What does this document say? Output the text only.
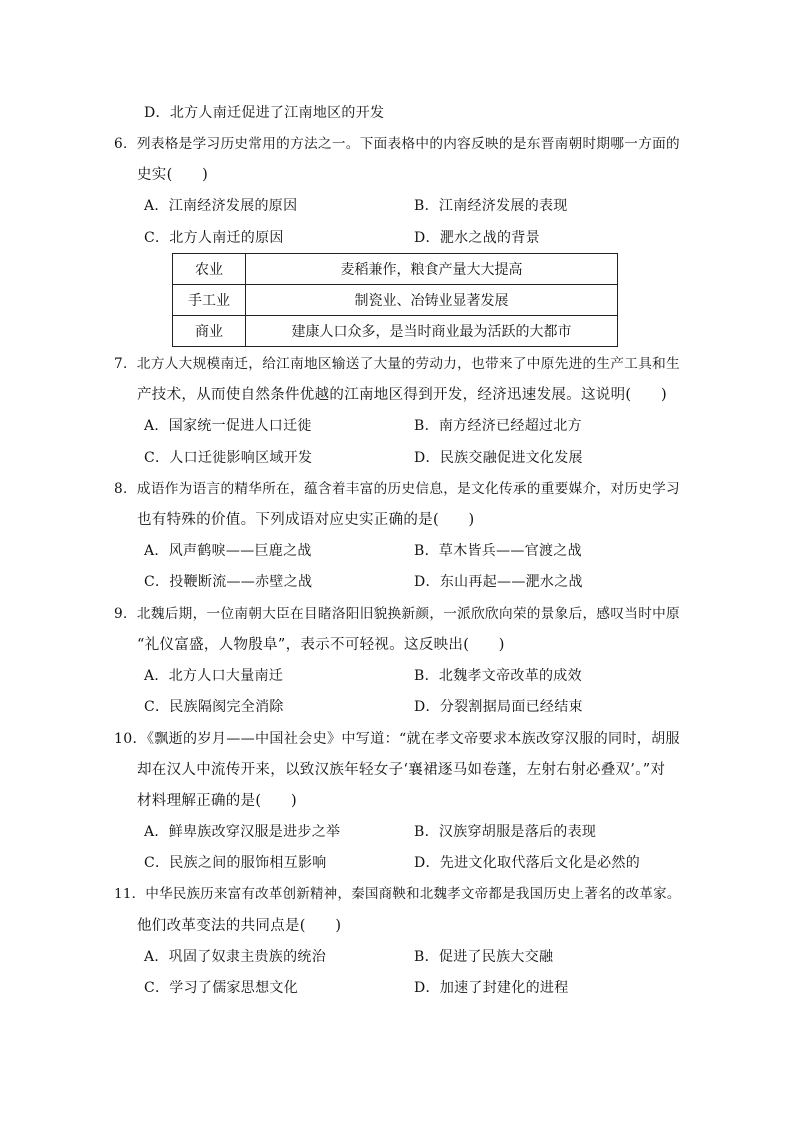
D．北方人南迁促进了江南地区的开发
6．列表格是学习历史常用的方法之一。下面表格中的内容反映的是东晋南朝时期哪一方面的
史实(　　)
A．江南经济发展的原因	B．江南经济发展的表现
C．北方人南迁的原因	D．淝水之战的背景
农业	麦稻兼作，粮食产量大大提高
手工业	制瓷业、冶铸业显著发展
商业	建康人口众多，是当时商业最为活跃的大都市
7．北方人大规模南迁，给江南地区输送了大量的劳动力，也带来了中原先进的生产工具和生
产技术，从而使自然条件优越的江南地区得到开发，经济迅速发展。这说明(　　)
A．国家统一促进人口迁徙	B．南方经济已经超过北方
C．人口迁徙影响区域开发	D．民族交融促进文化发展
8．成语作为语言的精华所在，蕴含着丰富的历史信息，是文化传承的重要媒介，对历史学习
也有特殊的价值。下列成语对应史实正确的是(　　)
A．风声鹤唳——巨鹿之战	B．草木皆兵——官渡之战
C．投鞭断流——赤壁之战	D．东山再起——淝水之战
9．北魏后期，一位南朝大臣在目睹洛阳旧貌换新颜，一派欣欣向荣的景象后，感叹当时中原
“礼仪富盛，人物殷阜”，表示不可轻视。这反映出(　　)
A．北方人口大量南迁	B．北魏孝文帝改革的成效
C．民族隔阂完全消除	D．分裂割据局面已经结束
10．《飘逝的岁月——中国社会史》中写道：“就在孝文帝要求本族改穿汉服的同时，胡服
却在汉人中流传开来，以致汉族年轻女子‘襄裙逐马如卷蓬，左射右射必叠双’。”对
材料理解正确的是(　　)
A．鲜卑族改穿汉服是进步之举	B．汉族穿胡服是落后的表现
C．民族之间的服饰相互影响	D．先进文化取代落后文化是必然的
11．中华民族历来富有改革创新精神，秦国商鞅和北魏孝文帝都是我国历史上著名的改革家。
他们改革变法的共同点是(　　)
A．巩固了奴隶主贵族的统治	B．促进了民族大交融
C．学习了儒家思想文化	D．加速了封建化的进程
